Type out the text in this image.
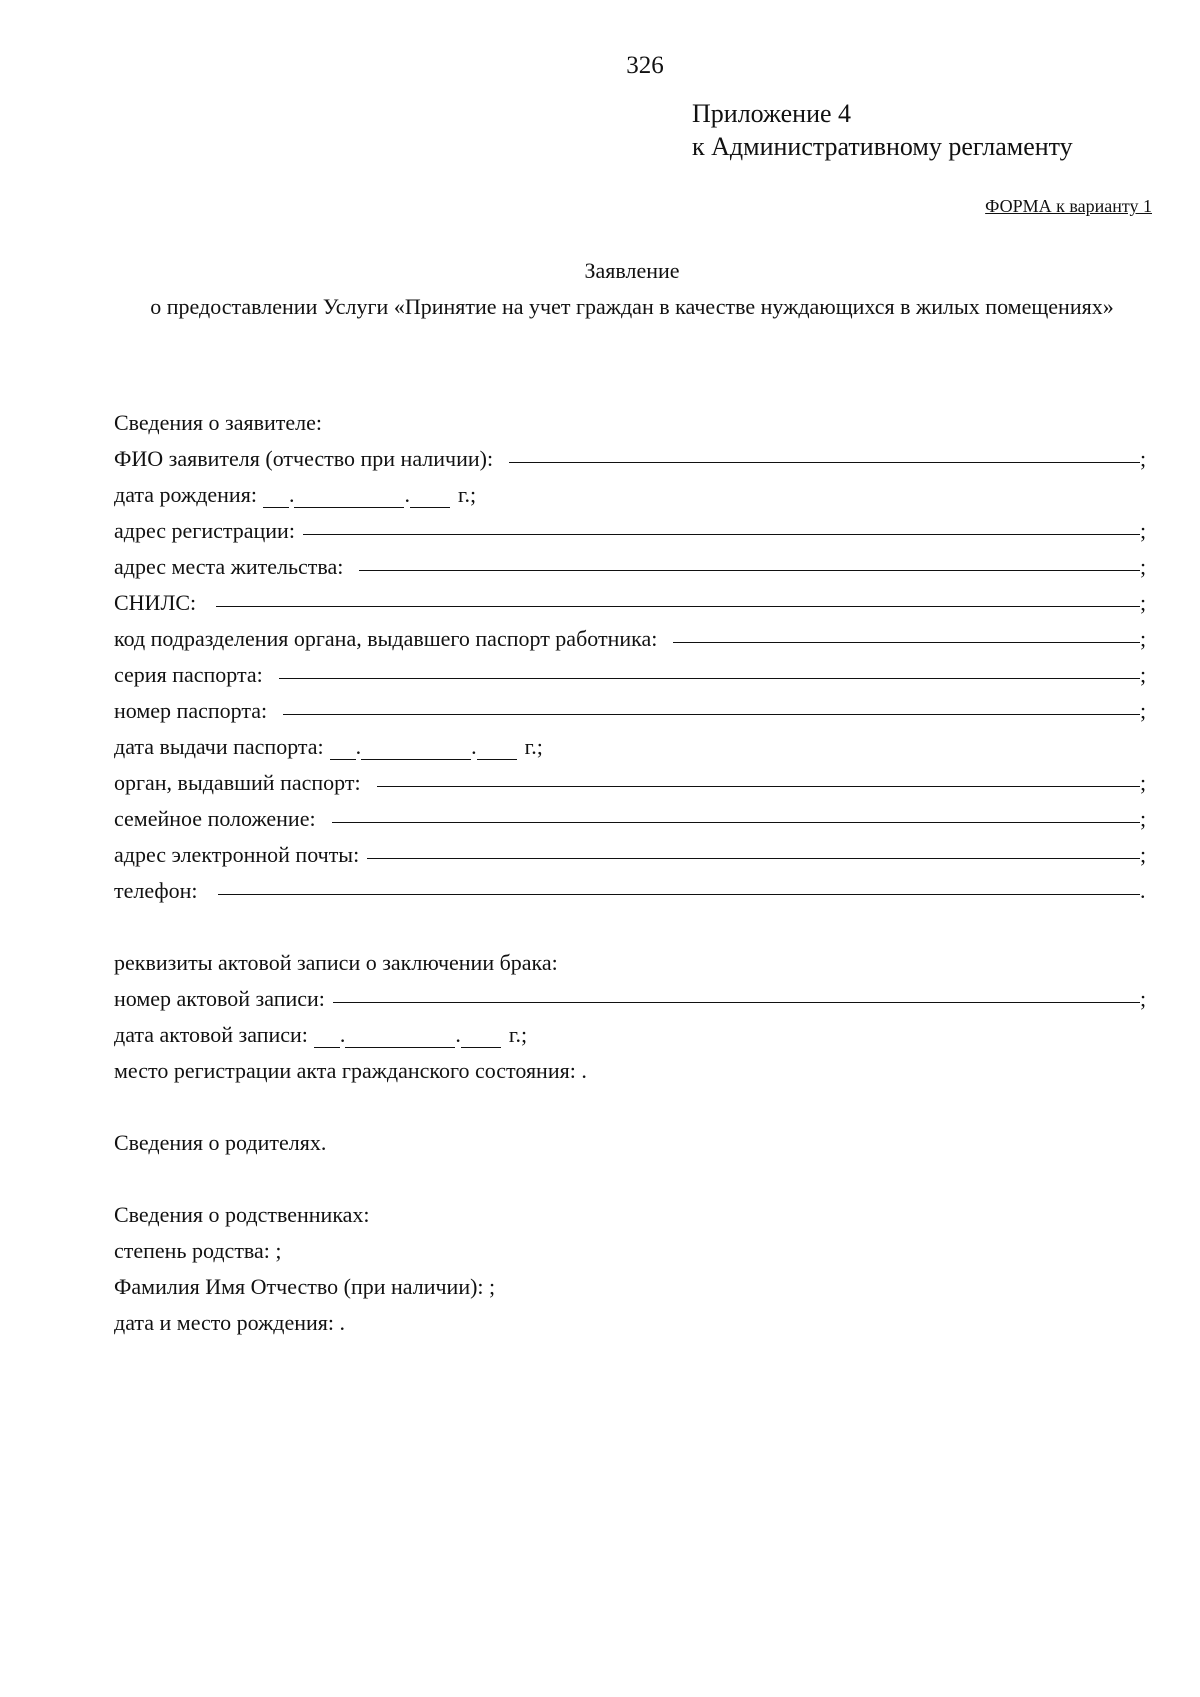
326
Приложение 4
к Административному регламенту
ФОРМА к варианту 1
Заявление
о предоставлении Услуги «Принятие на учет граждан в качестве нуждающихся в жилых помещениях»
Сведения о заявителе:
ФИО заявителя (отчество при наличии):	;
дата рождения: .	. г.;
адрес регистрации:	;
адрес места жительства:	;
СНИЛС:	;
код подразделения органа, выдавшего паспорт работника:	;
серия паспорта:	;
номер паспорта:	;
дата выдачи паспорта: .	. г.;
орган, выдавший паспорт:	;
семейное положение:	;
адрес электронной почты:	;
телефон:	.
реквизиты актовой записи о заключении брака:
номер актовой записи:	;
дата актовой записи: .	. г.;
место регистрации акта гражданского состояния: .
Сведения о родителях.
Сведения о родственниках:
степень родства: ;
Фамилия Имя Отчество (при наличии): ;
дата и место рождения: .
